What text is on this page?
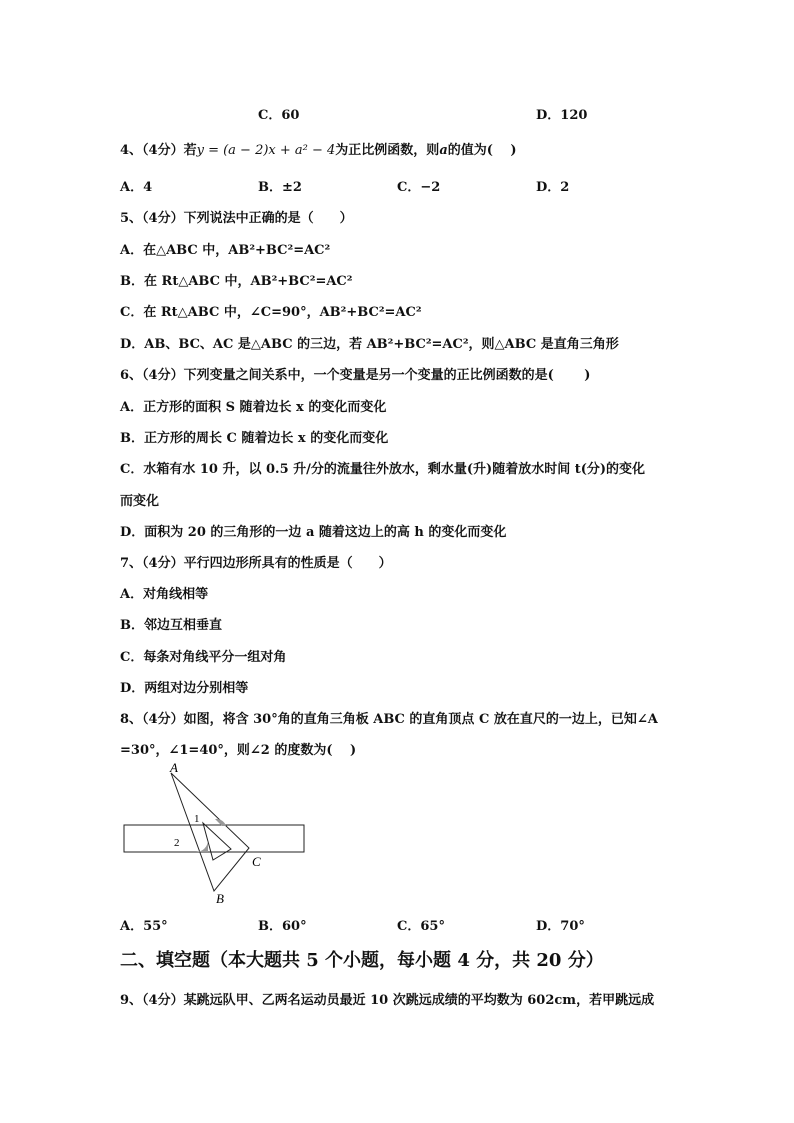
C．60	D．120
4、（4分）若y = (a − 2)x + a² − 4为正比例函数，则a的值为(　 )
A．4	B．±2	C．−2	D．2
5、（4分）下列说法中正确的是（　　）
A．在△ABC 中，AB²+BC²=AC²
B．在 Rt△ABC 中，AB²+BC²=AC²
C．在 Rt△ABC 中，∠C=90°，AB²+BC²=AC²
D．AB、BC、AC 是△ABC 的三边，若 AB²+BC²=AC²，则△ABC 是直角三角形
6、（4分）下列变量之间关系中，一个变量是另一个变量的正比例函数的是(　　 )
A．正方形的面积 S 随着边长 x 的变化而变化
B．正方形的周长 C 随着边长 x 的变化而变化
C．水箱有水 10 升，以 0.5 升/分的流量往外放水，剩水量(升)随着放水时间 t(分)的变化
而变化
D．面积为 20 的三角形的一边 a 随着这边上的高 h 的变化而变化
7、（4分）平行四边形所具有的性质是（　　）
A．对角线相等
B．邻边互相垂直
C．每条对角线平分一组对角
D．两组对边分别相等
8、（4分）如图，将含 30°角的直角三角板 ABC 的直角顶点 C 放在直尺的一边上，已知∠A
=30°，∠1=40°，则∠2 的度数为(　 )
A
B
C
1
2
A．55°	B．60°	C．65°	D．70°
二、填空题（本大题共 5 个小题，每小题 4 分，共 20 分）
9、（4分）某跳远队甲、乙两名运动员最近 10 次跳远成绩的平均数为 602cm，若甲跳远成
